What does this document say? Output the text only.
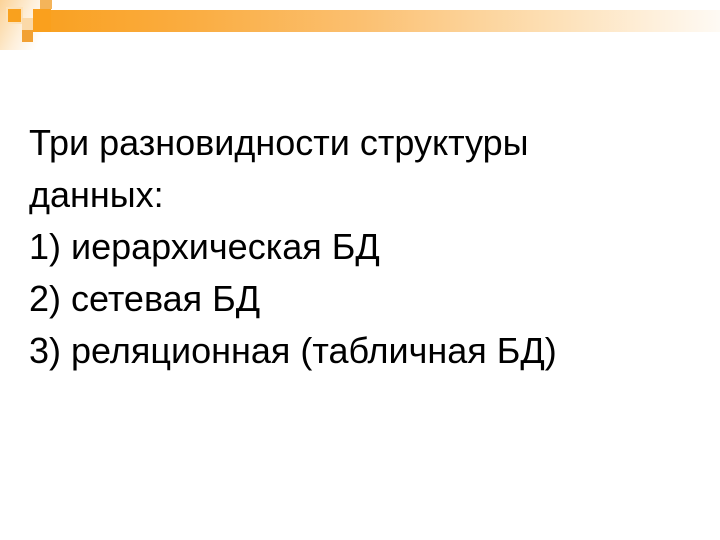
Три разновидности структуры
данных:
1) иерархическая БД
2) сетевая БД
3) реляционная (табличная БД)
